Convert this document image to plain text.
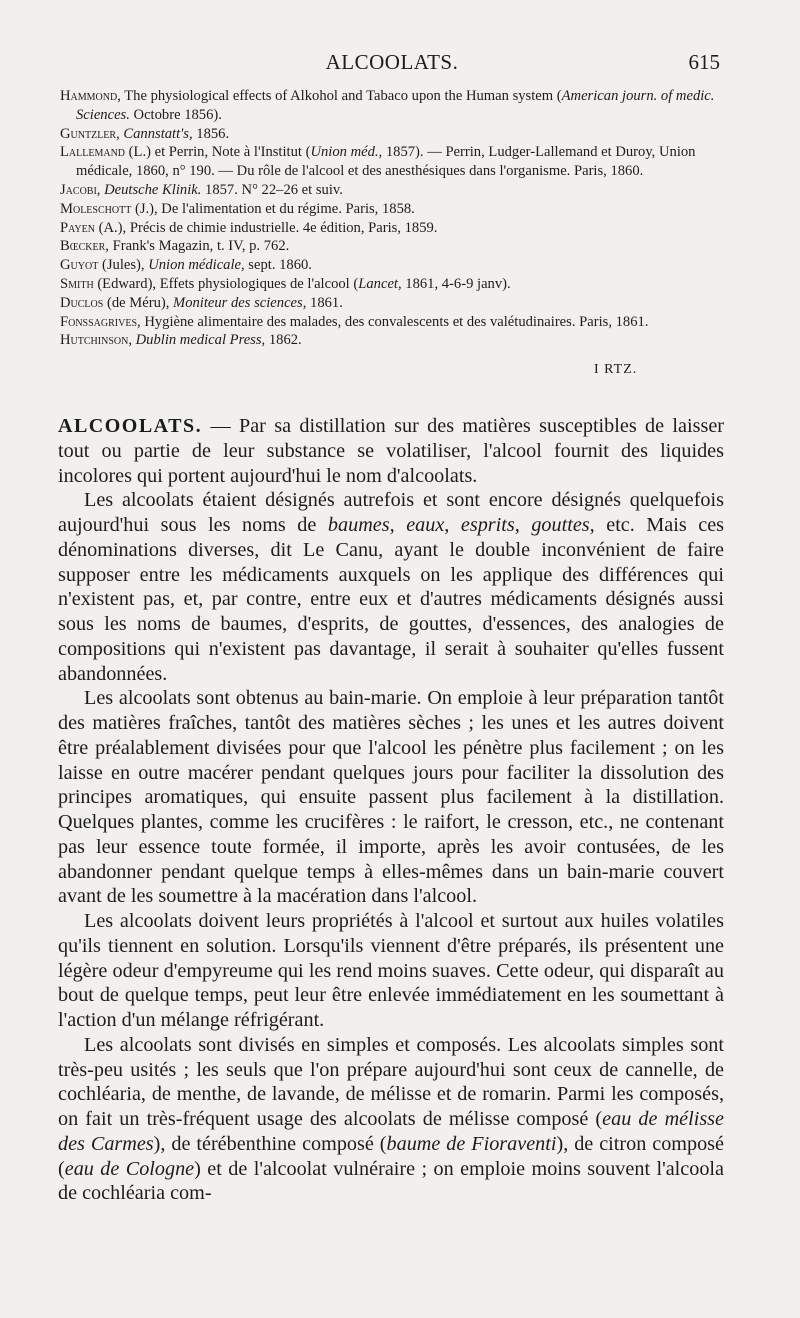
ALCOOLATS.	615

Hammond, The physiological effects of Alkohol and Tabaco upon the Human system (American journ. of medic. Sciences. Octobre 1856).

Guntzler, Cannstatt's, 1856.

Lallemand (L.) et Perrin, Note à l'Institut (Union méd., 1857). — Perrin, Ludger-Lallemand et Duroy, Union médicale, 1860, n° 190. — Du rôle de l'alcool et des anesthésiques dans l'organisme. Paris, 1860.

Jacobi, Deutsche Klinik. 1857. N° 22–26 et suiv.

Moleschott (J.), De l'alimentation et du régime. Paris, 1858.

Payen (A.), Précis de chimie industrielle. 4e édition, Paris, 1859.

Bœcker, Frank's Magazin, t. IV, p. 762.

Guyot (Jules), Union médicale, sept. 1860.

Smith (Edward), Effets physiologiques de l'alcool (Lancet, 1861, 4-6-9 janv).

Duclos (de Méru), Moniteur des sciences, 1861.

Fonssagrives, Hygiène alimentaire des malades, des convalescents et des valétudinaires. Paris, 1861.

Hutchinson, Dublin medical Press, 1862.

I RTZ.

ALCOOLATS. — Par sa distillation sur des matières susceptibles de laisser tout ou partie de leur substance se volatiliser, l'alcool fournit des liquides incolores qui portent aujourd'hui le nom d'alcoolats.

Les alcoolats étaient désignés autrefois et sont encore désignés quelquefois aujourd'hui sous les noms de baumes, eaux, esprits, gouttes, etc. Mais ces dénominations diverses, dit Le Canu, ayant le double inconvénient de faire supposer entre les médicaments auxquels on les applique des différences qui n'existent pas, et, par contre, entre eux et d'autres médicaments désignés aussi sous les noms de baumes, d'esprits, de gouttes, d'essences, des analogies de compositions qui n'existent pas davantage, il serait à souhaiter qu'elles fussent abandonnées.

Les alcoolats sont obtenus au bain-marie. On emploie à leur préparation tantôt des matières fraîches, tantôt des matières sèches ; les unes et les autres doivent être préalablement divisées pour que l'alcool les pénètre plus facilement ; on les laisse en outre macérer pendant quelques jours pour faciliter la dissolution des principes aromatiques, qui ensuite passent plus facilement à la distillation. Quelques plantes, comme les crucifères : le raifort, le cresson, etc., ne contenant pas leur essence toute formée, il importe, après les avoir contusées, de les abandonner pendant quelque temps à elles-mêmes dans un bain-marie couvert avant de les soumettre à la macération dans l'alcool.

Les alcoolats doivent leurs propriétés à l'alcool et surtout aux huiles volatiles qu'ils tiennent en solution. Lorsqu'ils viennent d'être préparés, ils présentent une légère odeur d'empyreume qui les rend moins suaves. Cette odeur, qui disparaît au bout de quelque temps, peut leur être enlevée immédiatement en les soumettant à l'action d'un mélange réfrigérant.

Les alcoolats sont divisés en simples et composés. Les alcoolats simples sont très-peu usités ; les seuls que l'on prépare aujourd'hui sont ceux de cannelle, de cochléaria, de menthe, de lavande, de mélisse et de romarin. Parmi les composés, on fait un très-fréquent usage des alcoolats de mélisse composé (eau de mélisse des Carmes), de térébenthine composé (baume de Fioraventi), de citron composé (eau de Cologne) et de l'alcoolat vulnéraire ; on emploie moins souvent l'alcoola de cochléaria com-
